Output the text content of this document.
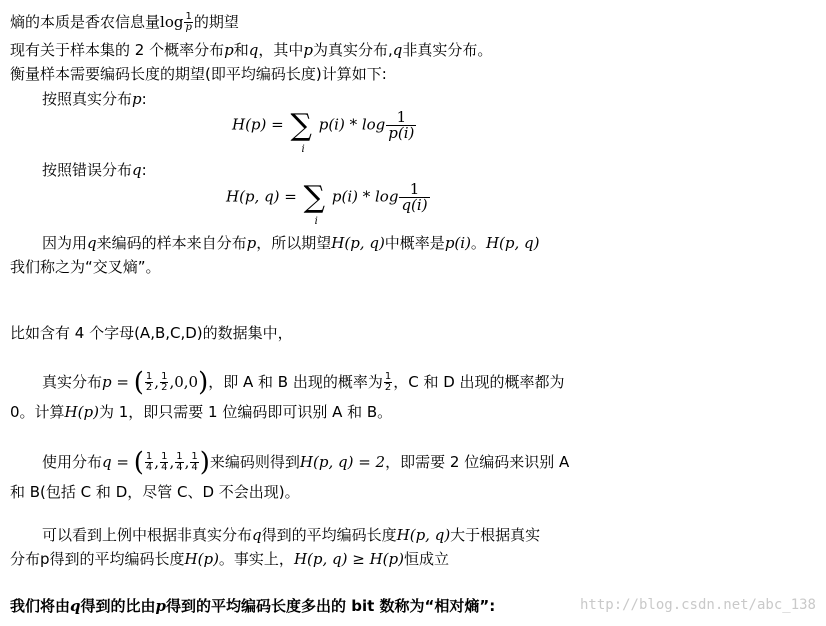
熵的本质是香农信息量$\log \frac{1}{p}$ 的期望
现有关于样本集的 2 个概率分布p和q，其中p为真实分布,q非真实分布。
衡量样本需要编码长度的期望(即平均编码长度)计算如下:
按照真实分布p:
H(p) = ∑
i
$p(i) * \log \frac{1}{p(i)}$
按照错误分布q:
H(p, q) = ∑
i
$p(i) * \log \frac{1}{q(i)}$
因为用q来编码的样本来自分布p，所以期望H(p, q)中概率是p(i)。H(p, q)
我们称之为“交叉熵”。
比如含有 4 个字母(A,B,C,D)的数据集中，
真实分布p = ( $\frac{1}{2}$ , $\frac{1}{2} ,0,0$)，即 A 和 B 出现的概率为 $\frac{1}{2}$ ，C 和 D 出现的概率都为
0。计算H(p)为 1，即只需要 1 位编码即可识别 A 和 B。
使用分布q = ( $\frac{1}{4}$ , $\frac{1}{4}$ , $\frac{1}{4}$ , $\frac{1}{4}$ )来编码则得到H(p, q) = 2，即需要 2 位编码来识别 A
和 B(包括 C 和 D，尽管 C、D 不会出现)。
可以看到上例中根据非真实分布q得到的平均编码长度H(p, q)大于根据真实
分布p得到的平均编码长度H(p)。事实上，H(p, q) ≥ H(p)恒成立
我们将由q得到的比由p得到的平均编码长度多出的 bit 数称为“相对熵”:	http://blog.csdn.net/abc_138
